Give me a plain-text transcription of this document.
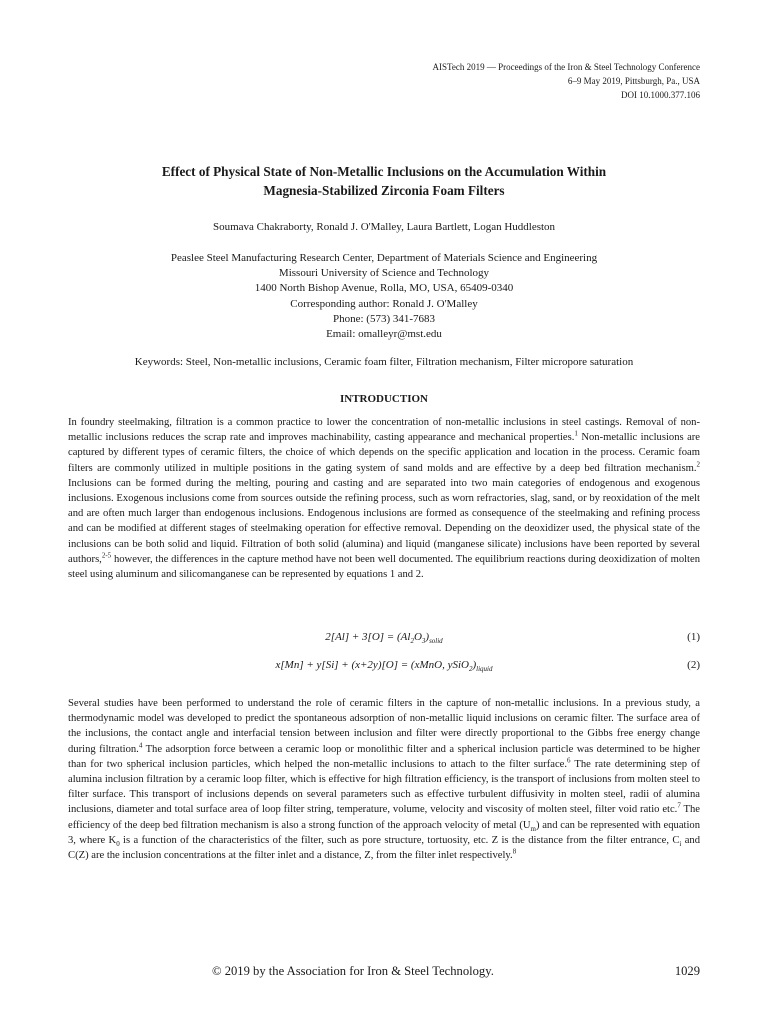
AISTech 2019 — Proceedings of the Iron & Steel Technology Conference
6–9 May 2019, Pittsburgh, Pa., USA
DOI 10.1000.377.106
Effect of Physical State of Non-Metallic Inclusions on the Accumulation Within
Magnesia-Stabilized Zirconia Foam Filters
Soumava Chakraborty, Ronald J. O'Malley, Laura Bartlett, Logan Huddleston
Peaslee Steel Manufacturing Research Center, Department of Materials Science and Engineering
Missouri University of Science and Technology
1400 North Bishop Avenue, Rolla, MO, USA, 65409-0340
Corresponding author: Ronald J. O'Malley
Phone: (573) 341-7683
Email: omalleyr@mst.edu
Keywords: Steel, Non-metallic inclusions, Ceramic foam filter, Filtration mechanism, Filter micropore saturation
INTRODUCTION

In foundry steelmaking, filtration is a common practice to lower the concentration of non-metallic inclusions in steel castings. Removal of non-metallic inclusions reduces the scrap rate and improves machinability, casting appearance and mechanical properties.$^1$ Non-metallic inclusions are captured by different types of ceramic filters, the choice of which depends on the specific application and location in the process. Ceramic foam filters are commonly utilized in multiple positions in the gating system of sand molds and are effective by a deep bed filtration mechanism.$^2$ Inclusions can be formed during the melting, pouring and casting and are separated into two main categories of endogenous and exogenous inclusions. Exogenous inclusions come from sources outside the refining process, such as worn refractories, slag, sand, or by reoxidation of the melt and are often much larger than endogenous inclusions. Endogenous inclusions are formed as consequence of the steelmaking and refining process and can be modified at different stages of steelmaking operation for effective removal. Depending on the deoxidizer used, the physical state of the inclusions can be both solid and liquid. Filtration of both solid (alumina) and liquid (manganese silicate) inclusions have been reported by several authors,$^{2-5}$ however, the differences in the capture method have not been well documented. The equilibrium reactions during deoxidization of molten steel using aluminum and silicomanganese can be represented by equations 1 and 2.

$2[Al] + 3[O] = (Al_2O_3)_{solid}$	(1)
x[Mn] + y[Si] + (x+2y)[O] = (xMnO, $ySiO_2)_{liquid}$	(2)

Several studies have been performed to understand the role of ceramic filters in the capture of non-metallic inclusions. In a previous study, a thermodynamic model was developed to predict the spontaneous adsorption of non-metallic liquid inclusions on ceramic filter. The surface area of the inclusions, the contact angle and interfacial tension between inclusion and filter were directly proportional to the Gibbs free energy change during filtration.$^4$ The adsorption force between a ceramic loop or monolithic filter and a spherical inclusion particle was determined to be higher than for two spherical inclusion particles, which helped the non-metallic inclusions to attach to the filter surface.$^6$ The rate determining step of alumina inclusion filtration by a ceramic loop filter, which is effective for high filtration efficiency, is the transport of inclusions from molten steel to filter surface. This transport of inclusions depends on several parameters such as effective turbulent diffusivity in molten steel, radii of alumina inclusions, diameter and total surface area of loop filter string, temperature, volume, velocity and viscosity of molten steel, filter void ratio etc.$^7$ The efficiency of the deep bed filtration mechanism is also a strong function of the approach velocity of metal $(U_m)$ and can be represented with equation 3, where $K_0$ is a function of the characteristics of the filter, such as pore structure, tortuosity, etc. Z is the distance from the filter entrance, $C_i$ and C(Z) are the inclusion concentrations at the filter inlet and a distance, Z, from the filter inlet respectively.$^8$

© 2019 by the Association for Iron & Steel Technology.	1029
